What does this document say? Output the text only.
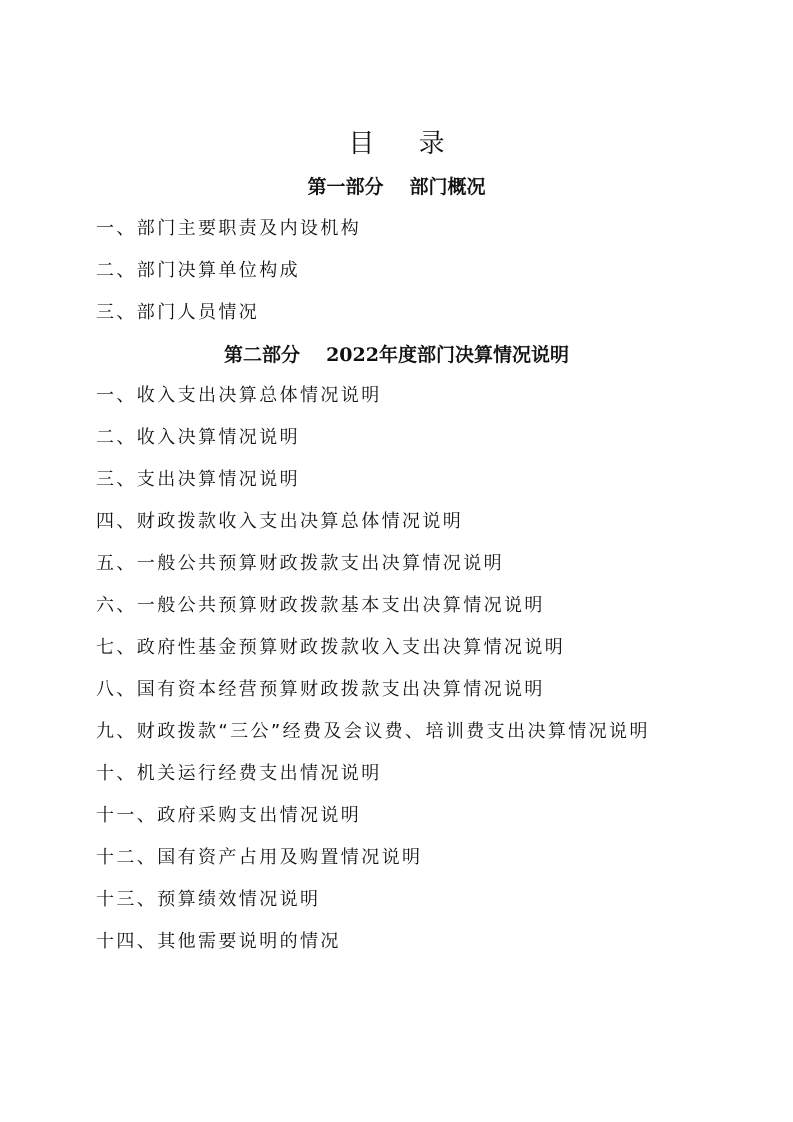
目 录
第一部分 部门概况
一、部门主要职责及内设机构
二、部门决算单位构成
三、部门人员情况
第二部分 2022年度部门决算情况说明
一、收入支出决算总体情况说明
二、收入决算情况说明
三、支出决算情况说明
四、财政拨款收入支出决算总体情况说明
五、一般公共预算财政拨款支出决算情况说明
六、一般公共预算财政拨款基本支出决算情况说明
七、政府性基金预算财政拨款收入支出决算情况说明
八、国有资本经营预算财政拨款支出决算情况说明
九、财政拨款“三公”经费及会议费、培训费支出决算情况说明
十、机关运行经费支出情况说明
十一、政府采购支出情况说明
十二、国有资产占用及购置情况说明
十三、预算绩效情况说明
十四、其他需要说明的情况
